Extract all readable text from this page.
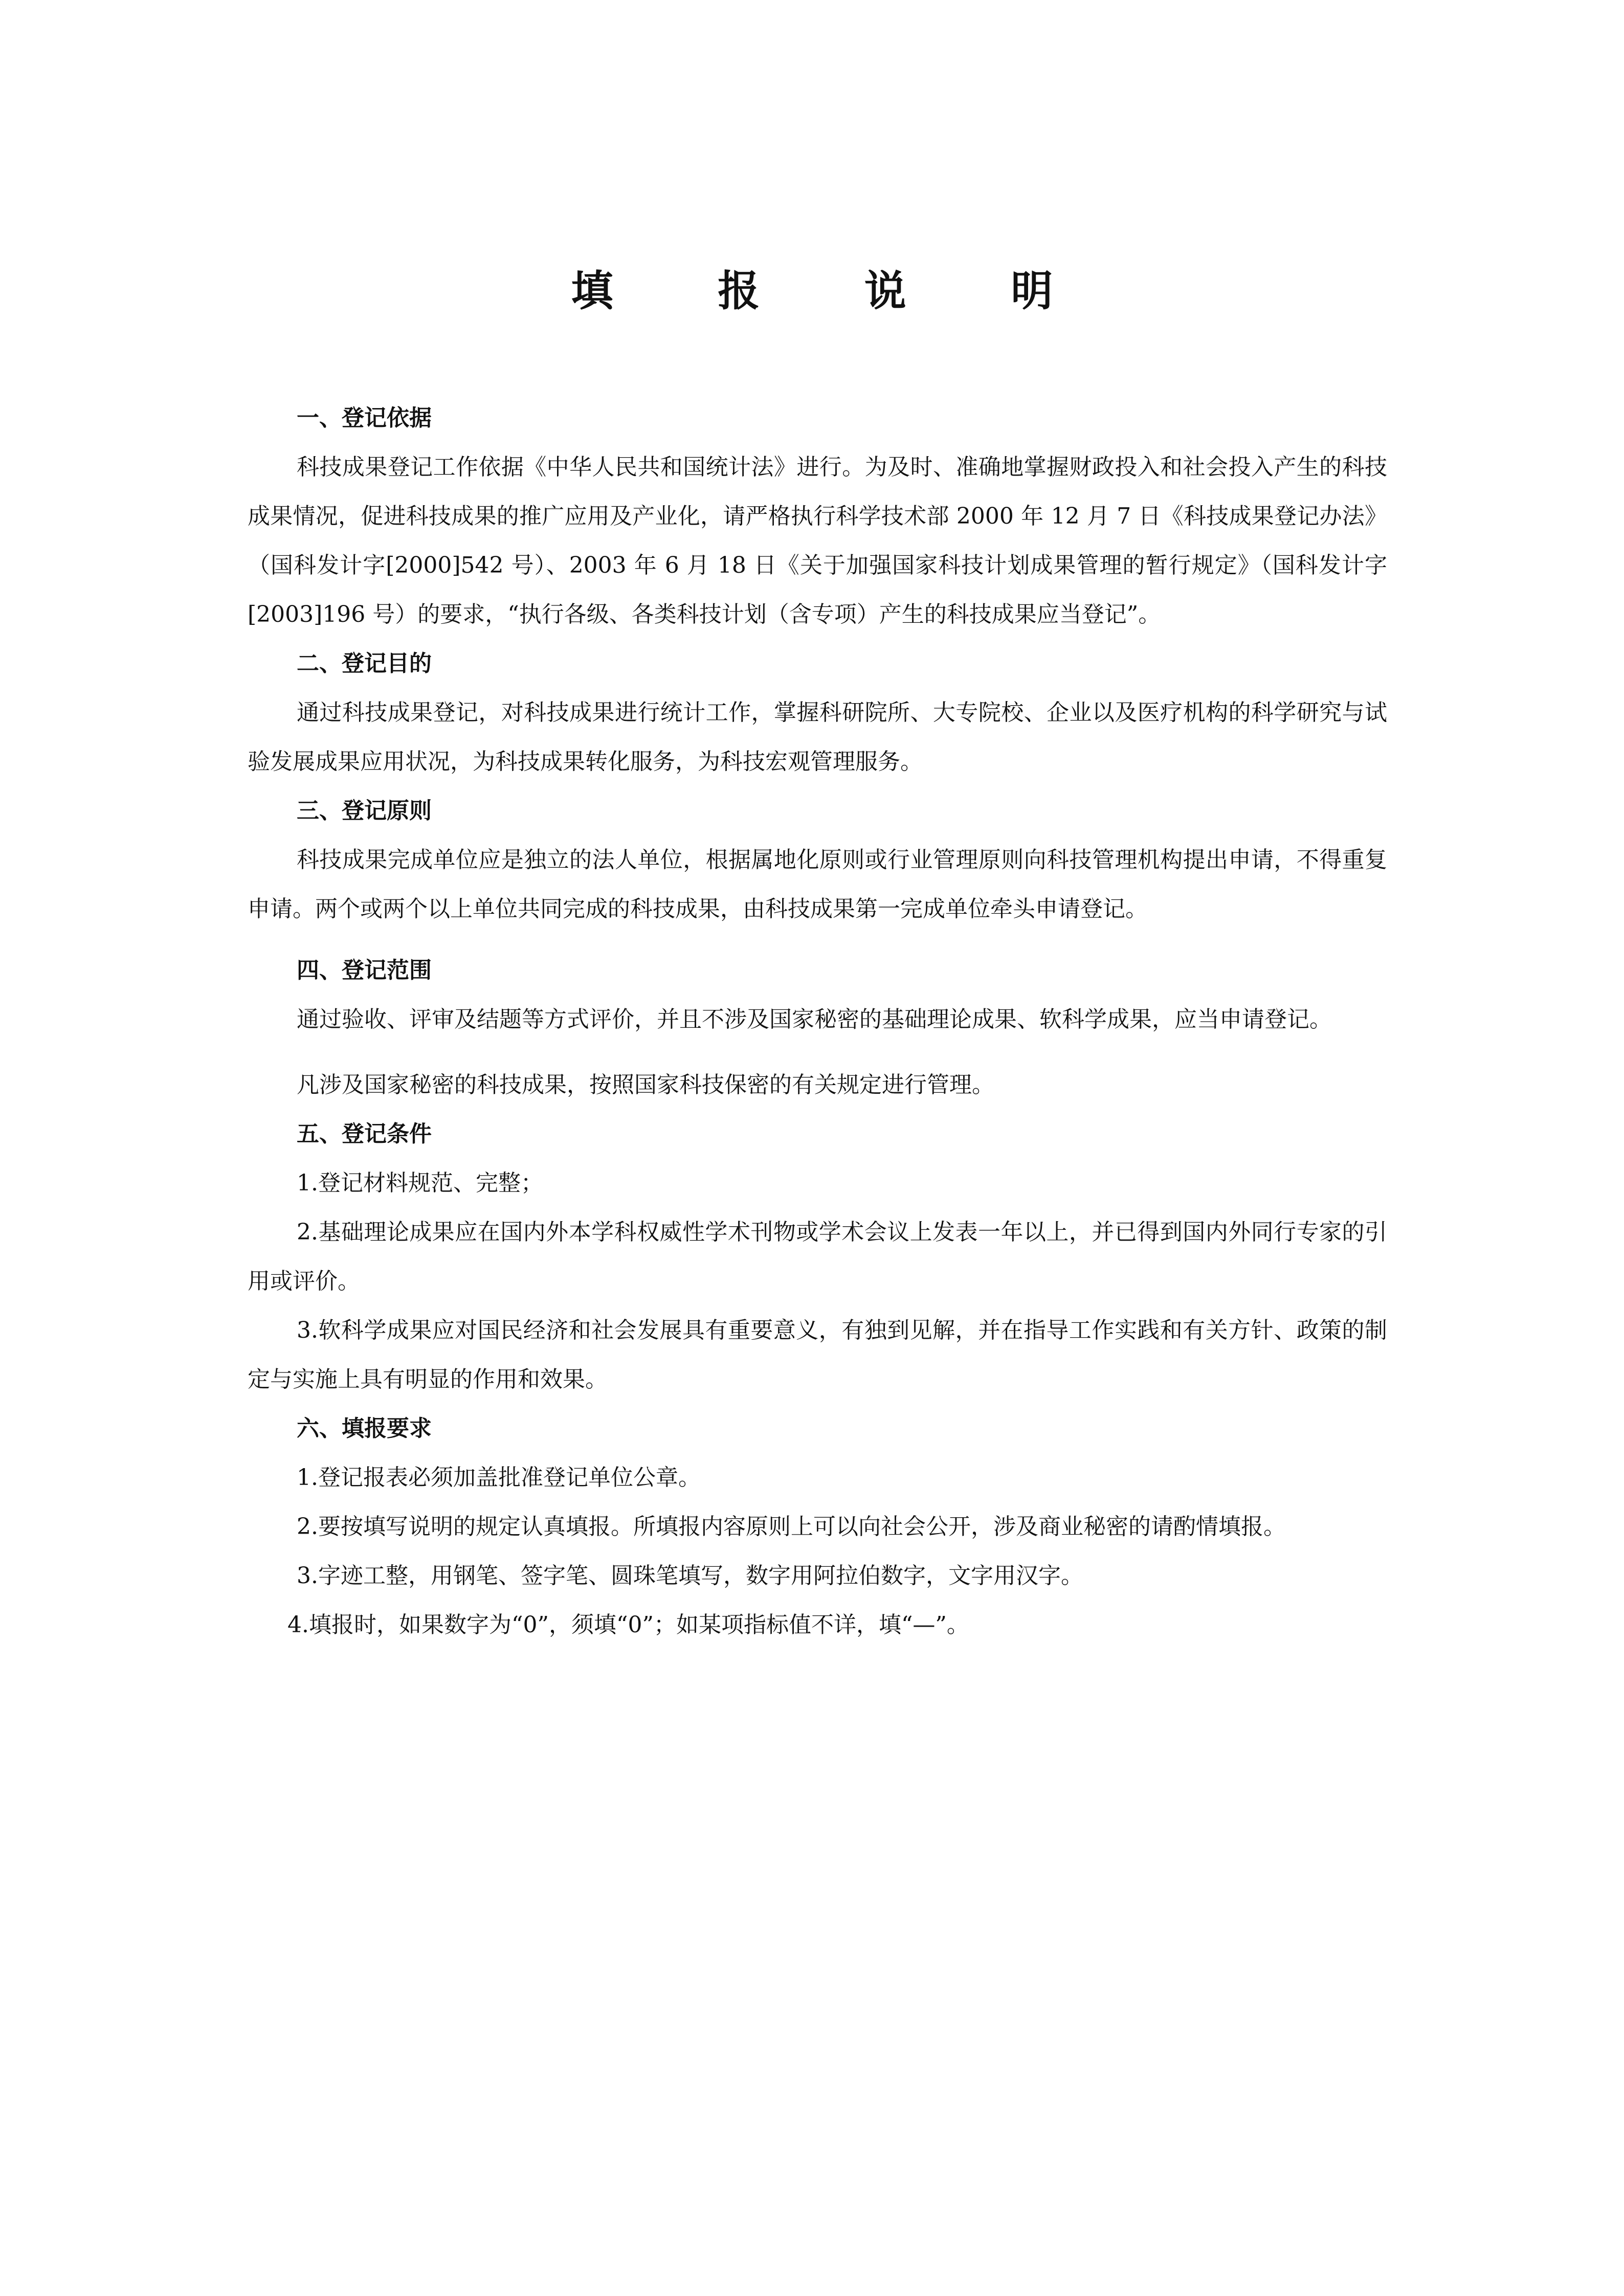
填 报 说 明
一、登记依据

科技成果登记工作依据《中华人民共和国统计法》进行。为及时、准确地掌握财政投入和社会投入产生的科技成果情况，促进科技成果的推广应用及产业化，请严格执行科学技术部 2000 年 12 月 7 日《科技成果登记办法》（国科发计字[2000]542 号）、2003 年 6 月 18 日《关于加强国家科技计划成果管理的暂行规定》（国科发计字[2003]196 号）的要求，“执行各级、各类科技计划（含专项）产生的科技成果应当登记”。

二、登记目的

通过科技成果登记，对科技成果进行统计工作，掌握科研院所、大专院校、企业以及医疗机构的科学研究与试验发展成果应用状况，为科技成果转化服务，为科技宏观管理服务。

三、登记原则

科技成果完成单位应是独立的法人单位，根据属地化原则或行业管理原则向科技管理机构提出申请，不得重复申请。两个或两个以上单位共同完成的科技成果，由科技成果第一完成单位牵头申请登记。

四、登记范围

通过验收、评审及结题等方式评价，并且不涉及国家秘密的基础理论成果、软科学成果，应当申请登记。

凡涉及国家秘密的科技成果，按照国家科技保密的有关规定进行管理。

五、登记条件

1.登记材料规范、完整；

2.基础理论成果应在国内外本学科权威性学术刊物或学术会议上发表一年以上，并已得到国内外同行专家的引用或评价。

3.软科学成果应对国民经济和社会发展具有重要意义，有独到见解，并在指导工作实践和有关方针、政策的制定与实施上具有明显的作用和效果。

六、填报要求

1.登记报表必须加盖批准登记单位公章。

2.要按填写说明的规定认真填报。所填报内容原则上可以向社会公开，涉及商业秘密的请酌情填报。

3.字迹工整，用钢笔、签字笔、圆珠笔填写，数字用阿拉伯数字，文字用汉字。

4.填报时，如果数字为“0”，须填“0”；如某项指标值不详，填“—”。
